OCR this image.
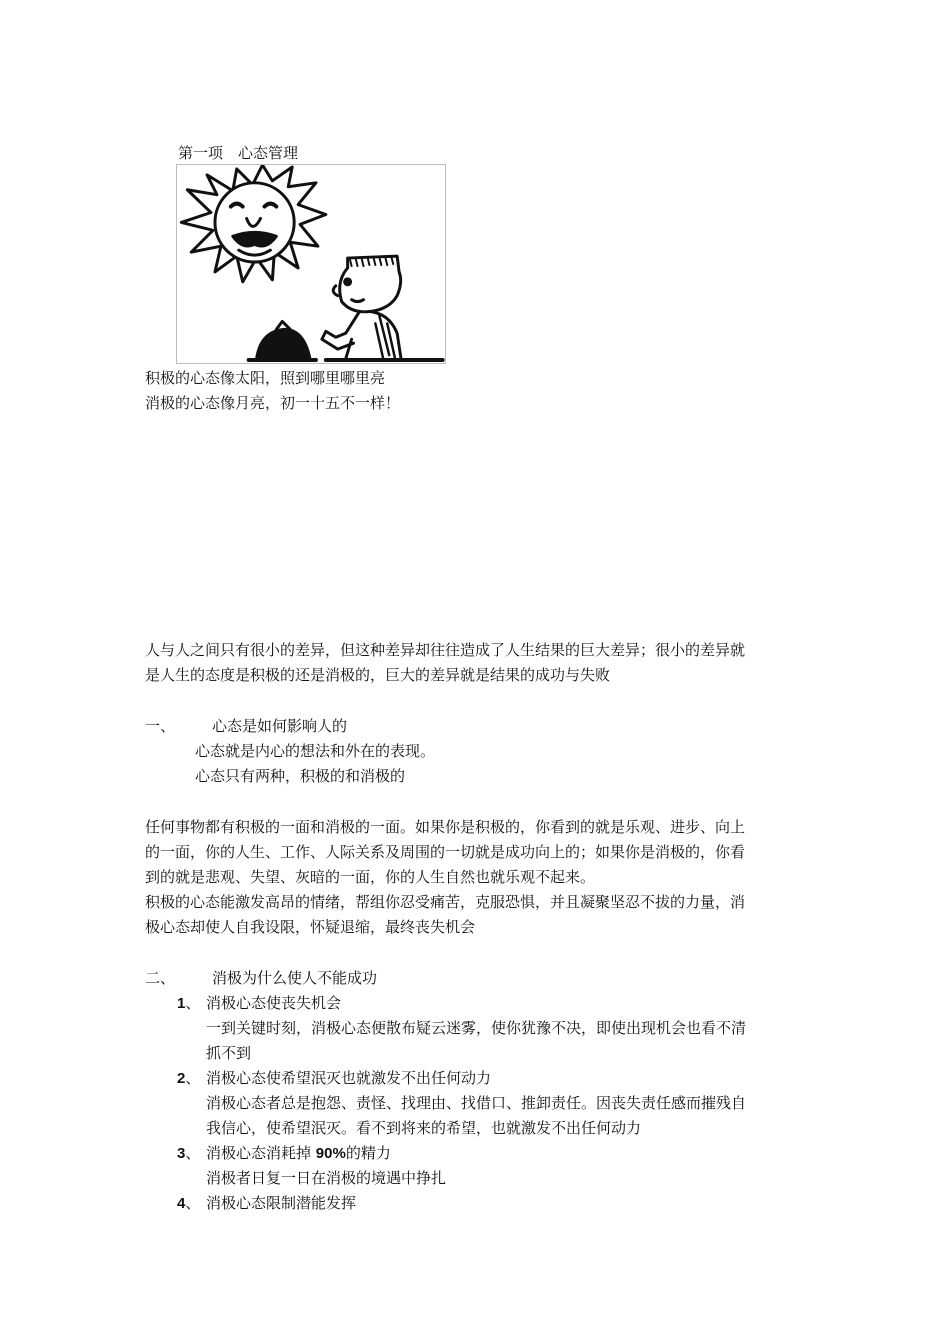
第一项　心态管理
积极的心态像太阳，照到哪里哪里亮
消极的心态像月亮，初一十五不一样！
人与人之间只有很小的差异，但这种差异却往往造成了人生结果的巨大差异；很小的差异就
是人生的态度是积极的还是消极的，巨大的差异就是结果的成功与失败
一、 心态是如何影响人的
心态就是内心的想法和外在的表现。
心态只有两种，积极的和消极的
任何事物都有积极的一面和消极的一面。如果你是积极的，你看到的就是乐观、进步、向上
的一面，你的人生、工作、人际关系及周围的一切就是成功向上的；如果你是消极的，你看
到的就是悲观、失望、灰暗的一面，你的人生自然也就乐观不起来。
积极的心态能激发高昂的情绪，帮组你忍受痛苦，克服恐惧，并且凝聚坚忍不拔的力量，消
极心态却使人自我设限，怀疑退缩，最终丧失机会
二、 消极为什么使人不能成功
1、 消极心态使丧失机会
一到关键时刻，消极心态便散布疑云迷雾，使你犹豫不决，即使出现机会也看不清
抓不到
2、 消极心态使希望泯灭也就激发不出任何动力
消极心态者总是抱怨、责怪、找理由、找借口、推卸责任。因丧失责任感而摧残自
我信心，使希望泯灭。看不到将来的希望，也就激发不出任何动力
3、 消极心态消耗掉 90%的精力
消极者日复一日在消极的境遇中挣扎
4、 消极心态限制潜能发挥
